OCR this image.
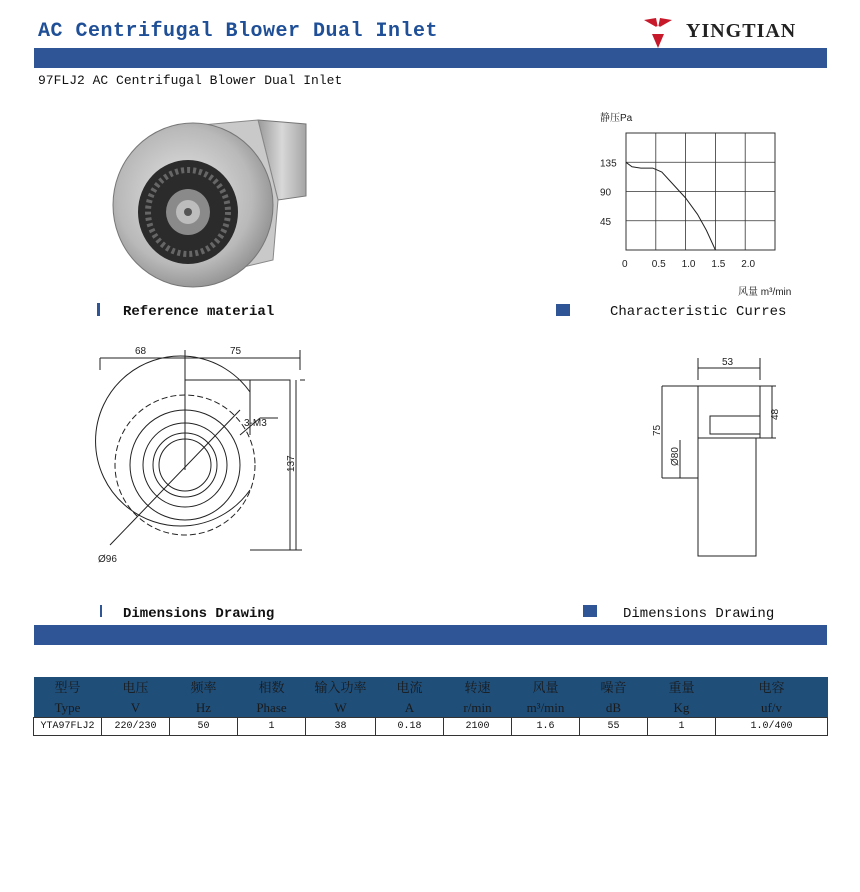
AC Centrifugal Blower Dual Inlet	YINGTIAN
97FLJ2 AC Centrifugal Blower Dual Inlet
静压Pa
0 0.5 1.0 1.5 2.0
135
90
45
风量 m³/min
Reference material	Characteristic Curres
68	75
3-M3
137
Ø96
53
75
48
Ø80
Dimensions Drawing	Dimensions Drawing
型号	电压	频率	相数	输入功率	电流	转速	风量	噪音	重量	电容
Type	V	Hz	Phase	W	A	r/min	m³/min	dB	Kg	uf/v
YTA97FLJ2	220/230	50	1	38	0.18	2100	1.6	55	1	1.0/400
